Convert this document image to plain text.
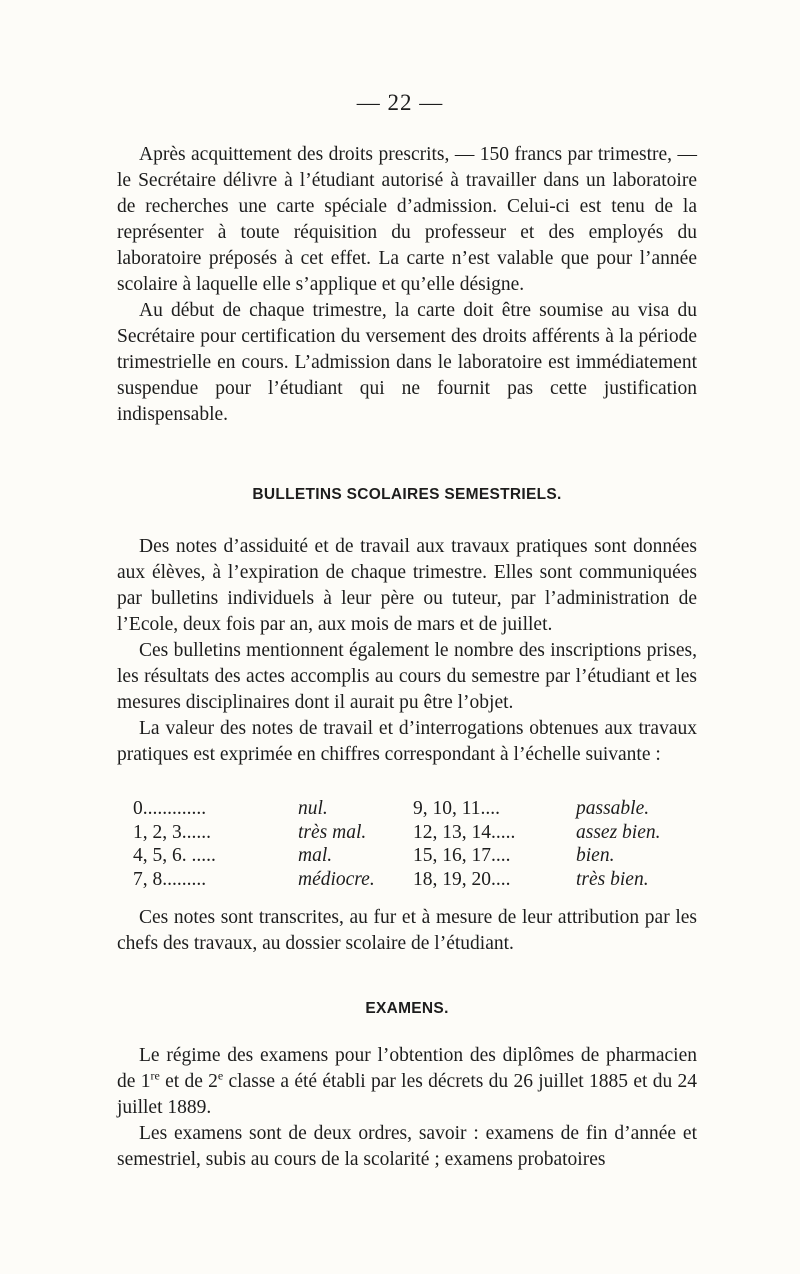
— 22 —

Après acquittement des droits prescrits, — 150 francs par trimestre, — le Secrétaire délivre à l’étudiant autorisé à travailler dans un laboratoire de recherches une carte spéciale d’admission. Celui-ci est tenu de la représenter à toute réquisition du professeur et des employés du laboratoire préposés à cet effet. La carte n’est valable que pour l’année scolaire à laquelle elle s’applique et qu’elle désigne.

Au début de chaque trimestre, la carte doit être soumise au visa du Secrétaire pour certification du versement des droits afférents à la période trimestrielle en cours. L’admission dans le laboratoire est immédiatement suspendue pour l’étudiant qui ne fournit pas cette justification indispensable.

BULLETINS SCOLAIRES SEMESTRIELS.

Des notes d’assiduité et de travail aux travaux pratiques sont données aux élèves, à l’expiration de chaque trimestre. Elles sont communiquées par bulletins individuels à leur père ou tuteur, par l’administration de l’Ecole, deux fois par an, aux mois de mars et de juillet.

Ces bulletins mentionnent également le nombre des inscriptions prises, les résultats des actes accomplis au cours du semestre par l’étudiant et les mesures disciplinaires dont il aurait pu être l’objet.

La valeur des notes de travail et d’interrogations obtenues aux travaux pratiques est exprimée en chiffres correspondant à l’échelle suivante :

0.............	nul.	9, 10, 11....	passable.
1, 2, 3......	très mal. 12, 13, 14.....	assez bien.
4, 5, 6. .....	mal.	15, 16, 17....	bien.
7, 8.........	médiocre. 18, 19, 20....	très bien.

Ces notes sont transcrites, au fur et à mesure de leur attribution par les chefs des travaux, au dossier scolaire de l’étudiant.

EXAMENS.

Le régime des examens pour l’obtention des diplômes de pharmacien de 1re et de 2e classe a été établi par les décrets du 26 juillet 1885 et du 24 juillet 1889.

Les examens sont de deux ordres, savoir : examens de fin d’année et semestriel, subis au cours de la scolarité ; examens probatoires
